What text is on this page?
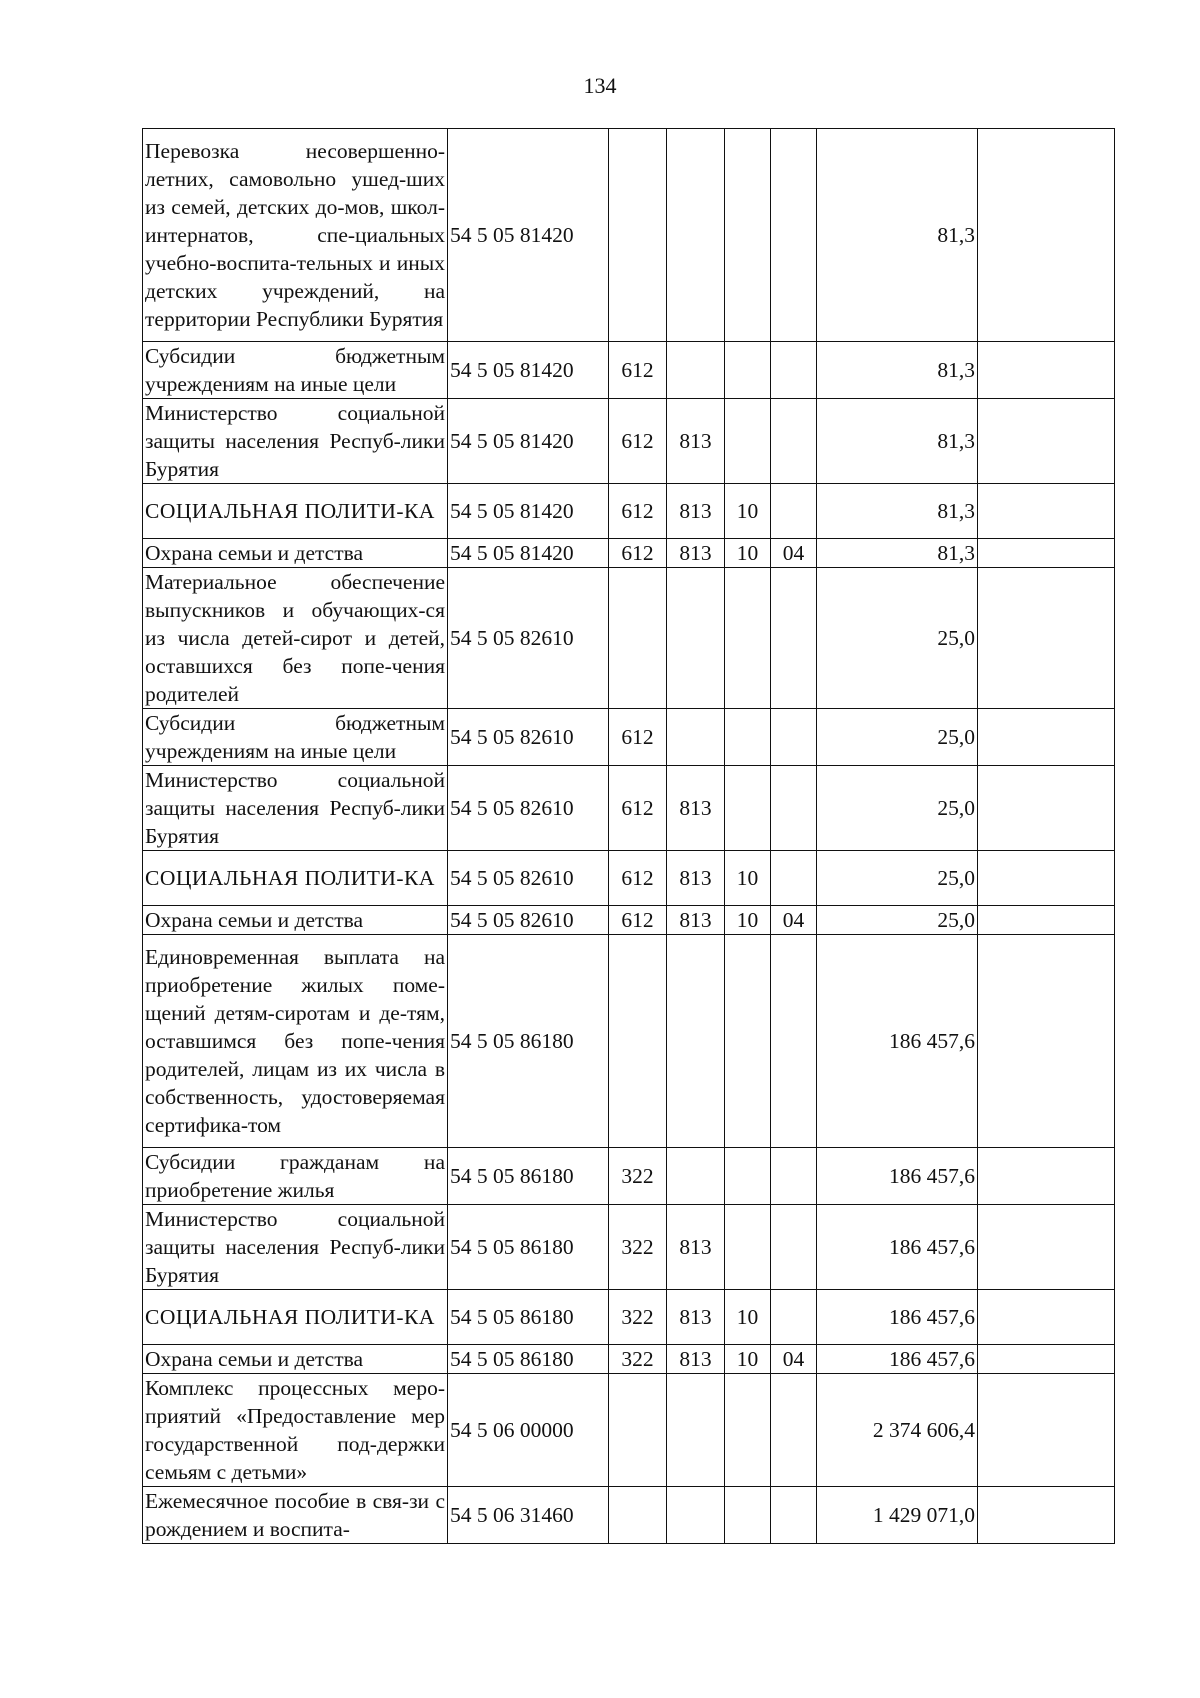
134
Перевозка несовершенно-летних, самовольно ушед-ших из семей, детских до-мов, школ-интернатов, спе-циальных учебно-воспита-тельных и иных детских учреждений, на территории Республики Бурятия	54 5 05 81420					81,3	
Субсидии бюджетным учреждениям на иные цели	54 5 05 81420	612				81,3	
Министерство социальной защиты населения Респуб-лики Бурятия	54 5 05 81420	612	813			81,3	
СОЦИАЛЬНАЯ ПОЛИТИ-КА	54 5 05 81420	612	813	10		81,3	
Охрана семьи и детства	54 5 05 81420	612	813	10	04	81,3	
Материальное обеспечение выпускников и обучающих-ся из числа детей-сирот и детей, оставшихся без попе-чения родителей	54 5 05 82610					25,0	
Субсидии бюджетным учреждениям на иные цели	54 5 05 82610	612				25,0	
Министерство социальной защиты населения Респуб-лики Бурятия	54 5 05 82610	612	813			25,0	
СОЦИАЛЬНАЯ ПОЛИТИ-КА	54 5 05 82610	612	813	10		25,0	
Охрана семьи и детства	54 5 05 82610	612	813	10	04	25,0	
Единовременная выплата на приобретение жилых поме-щений детям-сиротам и де-тям, оставшимся без попе-чения родителей, лицам из их числа в собственность, удостоверяемая сертифика-том	54 5 05 86180					186 457,6	
Субсидии гражданам на приобретение жилья	54 5 05 86180	322				186 457,6	
Министерство социальной защиты населения Респуб-лики Бурятия	54 5 05 86180	322	813			186 457,6	
СОЦИАЛЬНАЯ ПОЛИТИ-КА	54 5 05 86180	322	813	10		186 457,6	
Охрана семьи и детства	54 5 05 86180	322	813	10	04	186 457,6	
Комплекс процессных меро-приятий «Предоставление мер государственной под-держки семьям с детьми»	54 5 06 00000					2 374 606,4	
Ежемесячное пособие в свя-зи с рождением и воспита-	54 5 06 31460					1 429 071,0	
